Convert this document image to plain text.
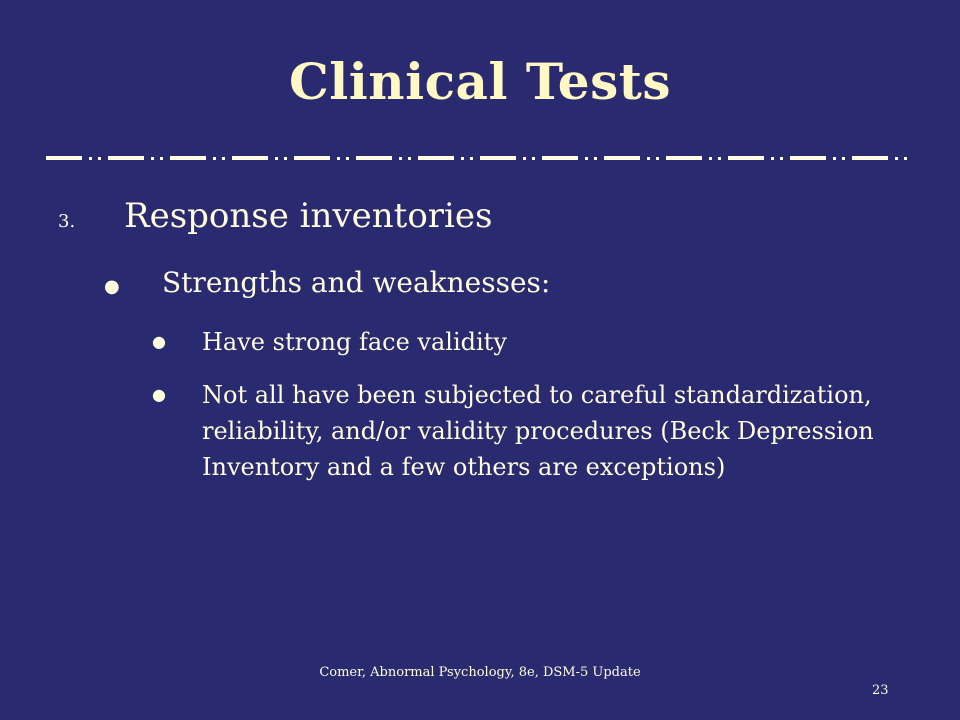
Clinical Tests
3.	Response inventories
●	Strengths and weaknesses:
●	Have strong face validity
●	Not all have been subjected to careful standardization, reliability, and/or validity procedures (Beck Depression Inventory and a few others are exceptions)
Comer, Abnormal Psychology, 8e, DSM-5 Update
23
